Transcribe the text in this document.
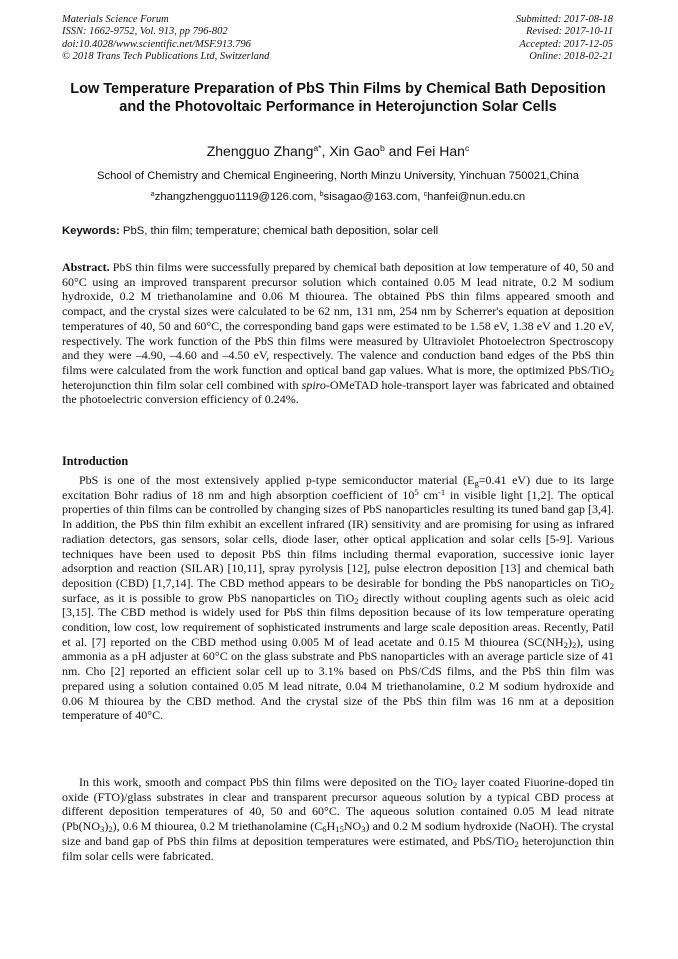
Materials Science Forum
ISSN: 1662-9752, Vol. 913, pp 796-802
doi:10.4028/www.scientific.net/MSF.913.796
© 2018 Trans Tech Publications Ltd, Switzerland
Submitted: 2017-08-18
Revised: 2017-10-11
Accepted: 2017-12-05
Online: 2018-02-21
Low Temperature Preparation of PbS Thin Films by Chemical Bath Deposition and the Photovoltaic Performance in Heterojunction Solar Cells
Zhengguo Zhang$^{a*}$, Xin Gao$^b$ and Fei Han$^c$
School of Chemistry and Chemical Engineering, North Minzu University, Yinchuan 750021,China
$^a$zhangzhengguo1119@126.com, $^b$sisagao@163.com, $^c$hanfei@nun.edu.cn
Keywords: PbS, thin film; temperature; chemical bath deposition, solar cell
Abstract. PbS thin films were successfully prepared by chemical bath deposition at low temperature of 40, 50 and 60°C using an improved transparent precursor solution which contained 0.05 M lead nitrate, 0.2 M sodium hydroxide, 0.2 M triethanolamine and 0.06 M thiourea. The obtained PbS thin films appeared smooth and compact, and the crystal sizes were calculated to be 62 nm, 131 nm, 254 nm by Scherrer's equation at deposition temperatures of 40, 50 and 60°C, the corresponding band gaps were estimated to be 1.58 eV, 1.38 eV and 1.20 eV, respectively. The work function of the PbS thin films were measured by Ultraviolet Photoelectron Spectroscopy and they were –4.90, –4.60 and –4.50 eV, respectively. The valence and conduction band edges of the PbS thin films were calculated from the work function and optical band gap values. What is more, the optimized PbS/TiO$_2$ heterojunction thin film solar cell combined with spiro-OMeTAD hole-transport layer was fabricated and obtained the photoelectric conversion efficiency of 0.24%.
Introduction

PbS is one of the most extensively applied p-type semiconductor material ($E_g=0.41$ eV) due to its large excitation Bohr radius of 18 nm and high absorption coefficient of $10^5$ $cm^{-1}$ in visible light [1,2]. The optical properties of thin films can be controlled by changing sizes of PbS nanoparticles resulting its tuned band gap [3,4]. In addition, the PbS thin film exhibit an excellent infrared (IR) sensitivity and are promising for using as infrared radiation detectors, gas sensors, solar cells, diode laser, other optical application and solar cells [5-9]. Various techniques have been used to deposit PbS thin films including thermal evaporation, successive ionic layer adsorption and reaction (SILAR) [10,11], spray pyrolysis [12], pulse electron deposition [13] and chemical bath deposition (CBD) [1,7,14]. The CBD method appears to be desirable for bonding the PbS nanoparticles on TiO$_2$ surface, as it is possible to grow PbS nanoparticles on TiO$_2$ directly without coupling agents such as oleic acid [3,15]. The CBD method is widely used for PbS thin films deposition because of its low temperature operating condition, low cost, low requirement of sophisticated instruments and large scale deposition areas. Recently, Patil et al. [7] reported on the CBD method using 0.005 M of lead acetate and 0.15 M thiourea $(SC(NH_2)_2)$, using ammonia as a pH adjuster at 60°C on the glass substrate and PbS nanoparticles with an average particle size of 41 nm. Cho [2] reported an efficient solar cell up to 3.1% based on PbS/CdS films, and the PbS thin film was prepared using a solution contained 0.05 M lead nitrate, 0.04 M triethanolamine, 0.2 M sodium hydroxide and 0.06 M thiourea by the CBD method. And the crystal size of the PbS thin film was 16 nm at a deposition temperature of 40°C.

In this work, smooth and compact PbS thin films were deposited on the TiO$_2$ layer coated Fiuorine-doped tin oxide (FTO)/glass substrates in clear and transparent precursor aqueous solution by a typical CBD process at different deposition temperatures of 40, 50 and 60°C. The aqueous solution contained 0.05 M lead nitrate $(Pb(NO_3)_2)$, 0.6 M thiourea, 0.2 M triethanolamine $(C_6H_{15}NO_3)$ and 0.2 M sodium hydroxide (NaOH). The crystal size and band gap of PbS thin films at deposition temperatures were estimated, and PbS/TiO$_2$ heterojunction thin film solar cells were fabricated.
